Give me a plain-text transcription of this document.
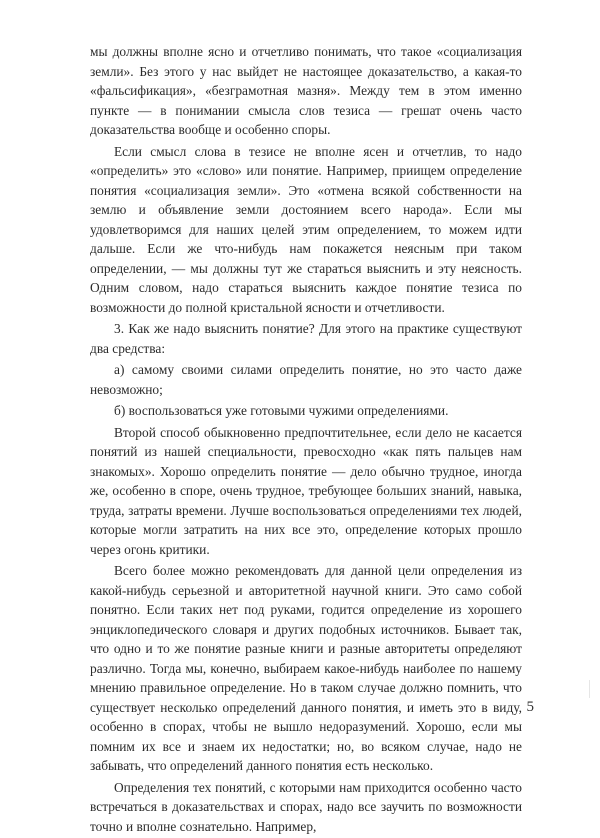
мы должны вполне ясно и отчетливо понимать, что такое «социализация земли». Без этого у нас выйдет не настоящее доказательство, а какая-то «фальсификация», «безграмотная мазня». Между тем в этом именно пункте — в понимании смысла слов тезиса — грешат очень часто доказательства вообще и особенно споры.

Если смысл слова в тезисе не вполне ясен и отчетлив, то надо «определить» это «слово» или понятие. Например, приищем определение понятия «социализация земли». Это «отмена всякой собственности на землю и объявление земли достоянием всего народа». Если мы удовлетворимся для наших целей этим определением, то можем идти дальше. Если же что-нибудь нам покажется неясным при таком определении, — мы должны тут же стараться выяснить и эту неясность. Одним словом, надо стараться выяснить каждое понятие тезиса по возможности до полной кристальной ясности и отчетливости.

3. Как же надо выяснить понятие? Для этого на практике существуют два средства:

а) самому своими силами определить понятие, но это часто даже невозможно;

б) воспользоваться уже готовыми чужими определениями.

Второй способ обыкновенно предпочтительнее, если дело не касается понятий из нашей специальности, превосходно «как пять пальцев нам знакомых». Хорошо определить понятие — дело обычно трудное, иногда же, особенно в споре, очень трудное, требующее больших знаний, навыка, труда, затраты времени. Лучше воспользоваться определениями тех людей, которые могли затратить на них все это, определение которых прошло через огонь критики.

Всего более можно рекомендовать для данной цели определения из какой-нибудь серьезной и авторитетной научной книги. Это само собой понятно. Если таких нет под руками, годится определение из хорошего энциклопедического словаря и других подобных источников. Бывает так, что одно и то же понятие разные книги и разные авторитеты определяют различно. Тогда мы, конечно, выбираем какое-нибудь наиболее по нашему мнению правильное определение. Но в таком случае должно помнить, что существует несколько определений данного понятия, и иметь это в виду, особенно в спорах, чтобы не вышло недоразумений. Хорошо, если мы помним их все и знаем их недостатки; но, во всяком случае, надо не забывать, что определений данного понятия есть несколько.

Определения тех понятий, с которыми нам приходится особенно часто встречаться в доказательствах и спорах, надо все заучить по возможности точно и вполне сознательно. Например,

5
